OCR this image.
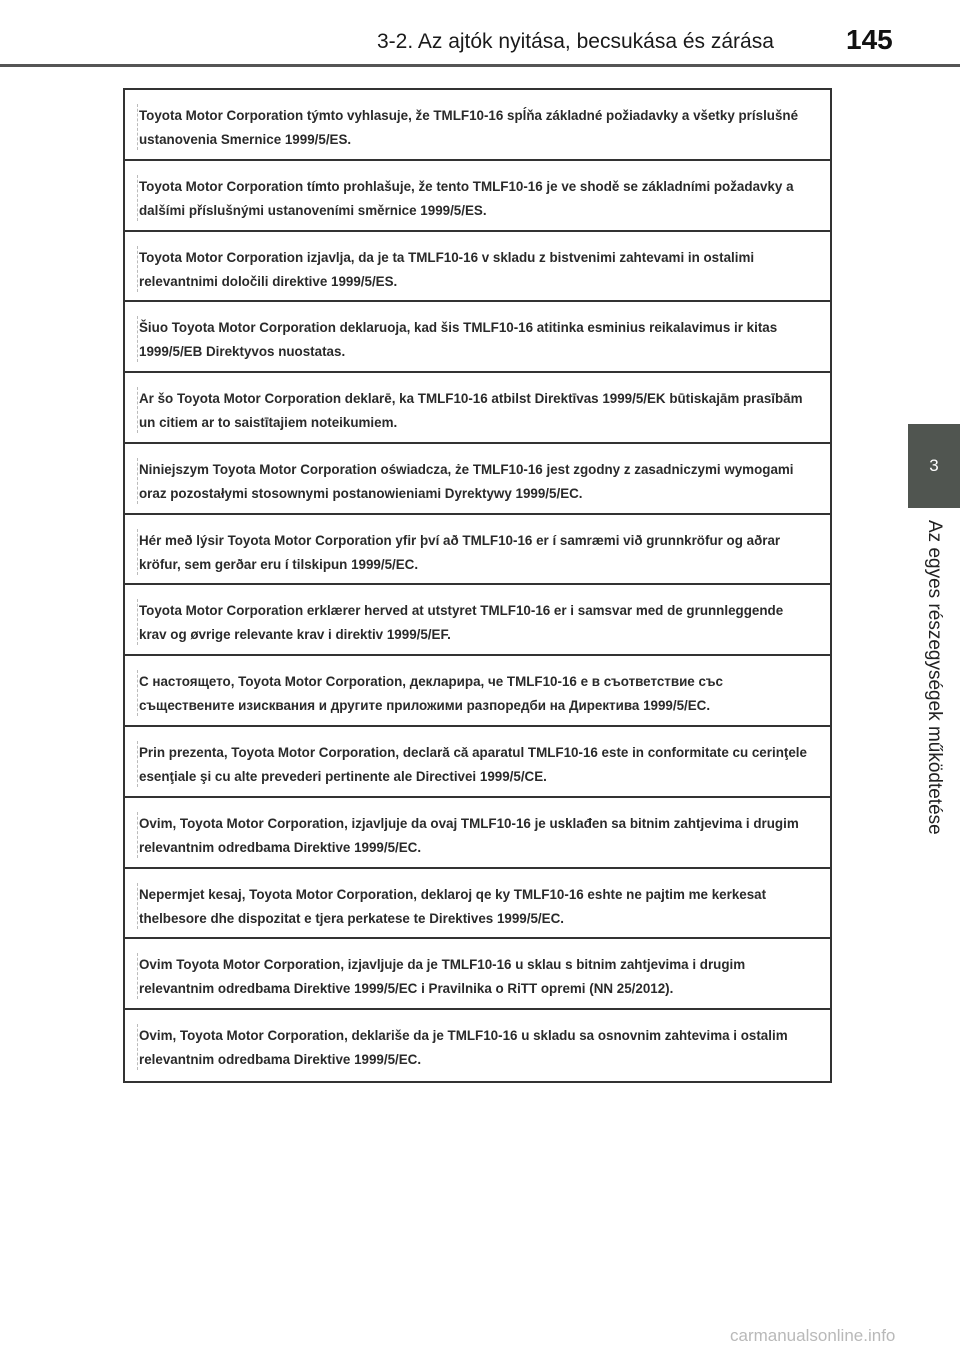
3-2. Az ajtók nyitása, becsukása és zárása	145
3
Az egyes részegységek működtetése
Toyota Motor Corporation týmto vyhlasuje, že TMLF10-16 spĺňa základné požiadavky a všetky príslušné ustanovenia Smernice 1999/5/ES.
Toyota Motor Corporation tímto prohlašuje, že tento TMLF10-16 je ve shodě se základními požadavky a dalšími příslušnými ustanoveními směrnice 1999/5/ES.
Toyota Motor Corporation izjavlja, da je ta TMLF10-16 v skladu z bistvenimi zahtevami in ostalimi relevantnimi določili direktive 1999/5/ES.
Šiuo Toyota Motor Corporation deklaruoja, kad šis TMLF10-16 atitinka esminius reikalavimus ir kitas 1999/5/EB Direktyvos nuostatas.
Ar šo Toyota Motor Corporation deklarē, ka TMLF10-16 atbilst Direktīvas 1999/5/EK būtiskajām prasībām un citiem ar to saistītajiem noteikumiem.
Niniejszym Toyota Motor Corporation oświadcza, że TMLF10-16 jest zgodny z zasadniczymi wymogami oraz pozostałymi stosownymi postanowieniami Dyrektywy 1999/5/EC.
Hér með lýsir Toyota Motor Corporation yfir því að TMLF10-16 er í samræmi við grunnkröfur og aðrar kröfur, sem gerðar eru í tilskipun 1999/5/EC.
Toyota Motor Corporation erklærer herved at utstyret TMLF10-16 er i samsvar med de grunnleggende krav og øvrige relevante krav i direktiv 1999/5/EF.
С настоящето, Toyota Motor Corporation, декларира, че TMLF10-16 е в съответствие със съществените изисквания и другите приложими разпоредби на Директива 1999/5/EC.
Prin prezenta, Toyota Motor Corporation, declară că aparatul TMLF10-16 este in conformitate cu cerinţele esenţiale şi cu alte prevederi pertinente ale Directivei 1999/5/CE.
Ovim, Toyota Motor Corporation, izjavljuje da ovaj TMLF10-16 je usklađen sa bitnim zahtjevima i drugim relevantnim odredbama Direktive 1999/5/EC.
Nepermjet kesaj, Toyota Motor Corporation, deklaroj qe ky TMLF10-16 eshte ne pajtim me kerkesat thelbesore dhe dispozitat e tjera perkatese te Direktives 1999/5/EC.
Ovim Toyota Motor Corporation, izjavljuje da je TMLF10-16 u sklau s bitnim zahtjevima i drugim relevantnim odredbama Direktive 1999/5/EC i Pravilnika o RiTT opremi (NN 25/2012).
Ovim, Toyota Motor Corporation, deklariše da je TMLF10-16 u skladu sa osnovnim zahtevima i ostalim relevantnim odredbama Direktive 1999/5/EC.
carmanualsonline.info
